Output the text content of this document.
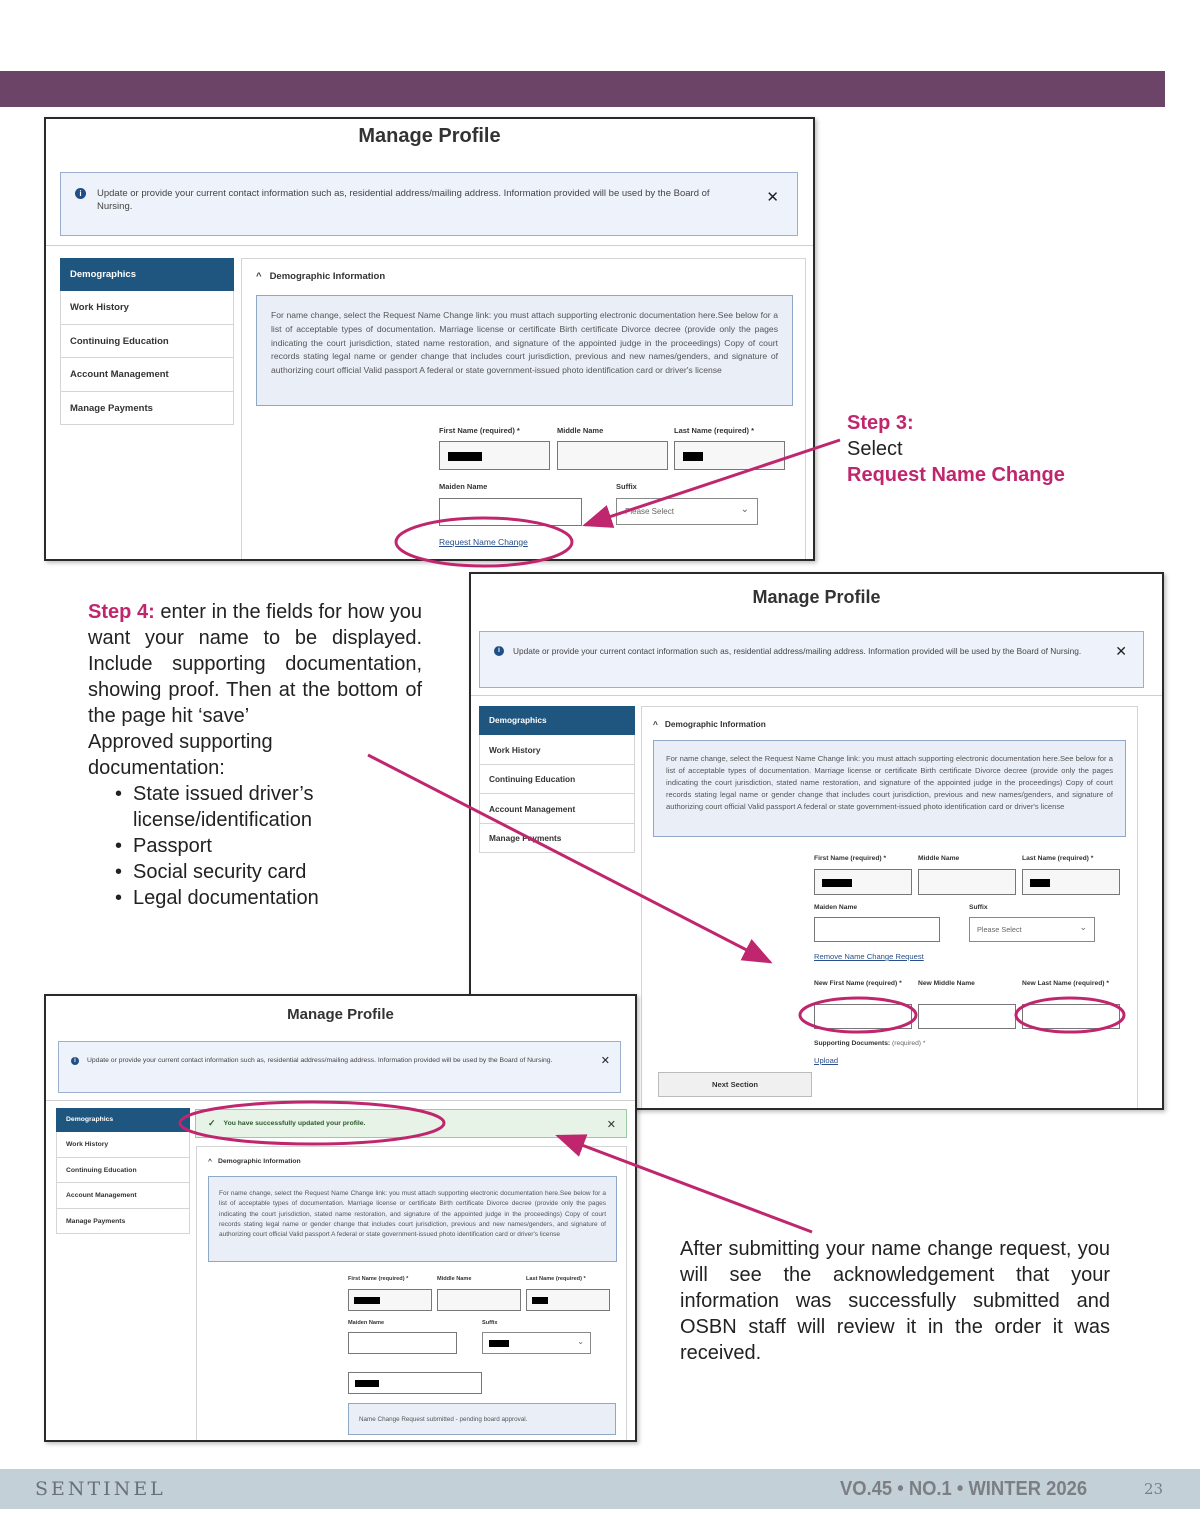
Manage Profile
i	Update or provide your current contact information such as, residential address/mailing address. Information provided will be used by the Board of Nursing.
✕
Demographics
Work History
Continuing Education
Account Management
Manage Payments
^ Demographic Information
For name change, select the Request Name Change link: you must attach supporting electronic documentation here.See below for a list of acceptable types of documentation. Marriage license or certificate Birth certificate Divorce decree (provide only the pages indicating the court jurisdiction, stated name restoration, and signature of the appointed judge in the proceedings) Copy of court records stating legal name or gender change that includes court jurisdiction, previous and new names/genders, and signature of authorizing court official Valid passport A federal or state government-issued photo identification card or driver's license
First Name (required) *	Middle Name	Last Name (required) *
Maiden Name	Suffix
Please Select	⌄
Request Name Change
Manage Profile
i	Update or provide your current contact information such as, residential address/mailing address. Information provided will be used by the Board of Nursing.	✕
Demographics
Work History
Continuing Education
Account Management
Manage Payments
^ Demographic Information
For name change, select the Request Name Change link: you must attach supporting electronic documentation here.See below for a list of acceptable types of documentation. Marriage license or certificate Birth certificate Divorce decree (provide only the pages indicating the court jurisdiction, stated name restoration, and signature of the appointed judge in the proceedings) Copy of court records stating legal name or gender change that includes court jurisdiction, previous and new names/genders, and signature of authorizing court official Valid passport A federal or state government-issued photo identification card or driver's license
First Name (required) *	Middle Name	Last Name (required) *
Maiden Name	Suffix
Please Select	⌄
Remove Name Change Request
New First Name (required) * New Middle Name	New Last Name (required) *
Supporting Documents: (required) *
Upload
Next Section
Manage Profile
i	Update or provide your current contact information such as, residential address/mailing address. Information provided will be used by the Board of Nursing.	✕
Demographics
Work History
Continuing Education
Account Management
Manage Payments
✓ You have successfully updated your profile.	✕
^ Demographic Information
For name change, select the Request Name Change link: you must attach supporting electronic documentation here.See below for a list of acceptable types of documentation. Marriage license or certificate Birth certificate Divorce decree (provide only the pages indicating the court jurisdiction, stated name restoration, and signature of the appointed judge in the proceedings) Copy of court records stating legal name or gender change that includes court jurisdiction, previous and new names/genders, and signature of authorizing court official Valid passport A federal or state government-issued photo identification card or driver's license
First Name (required) *	Middle Name	Last Name (required) *
Maiden Name	Suffix
⌄
Name Change Request submitted - pending board approval.
Step 3:
Select
Request Name Change
Step 4: enter in the fields for how you want your name to be displayed. Include supporting documentation, showing proof. Then at the bottom of the page hit ‘save’
Approved supporting documentation:
• State issued driver’s license/identification
• Passport
• Social security card
• Legal documentation
After submitting your name change request, you will see the acknowledgement that your information was successfully submitted and OSBN staff will review it in the order it was received.
SENTINEL	VO.45 • NO.1 • WINTER 2026	23
